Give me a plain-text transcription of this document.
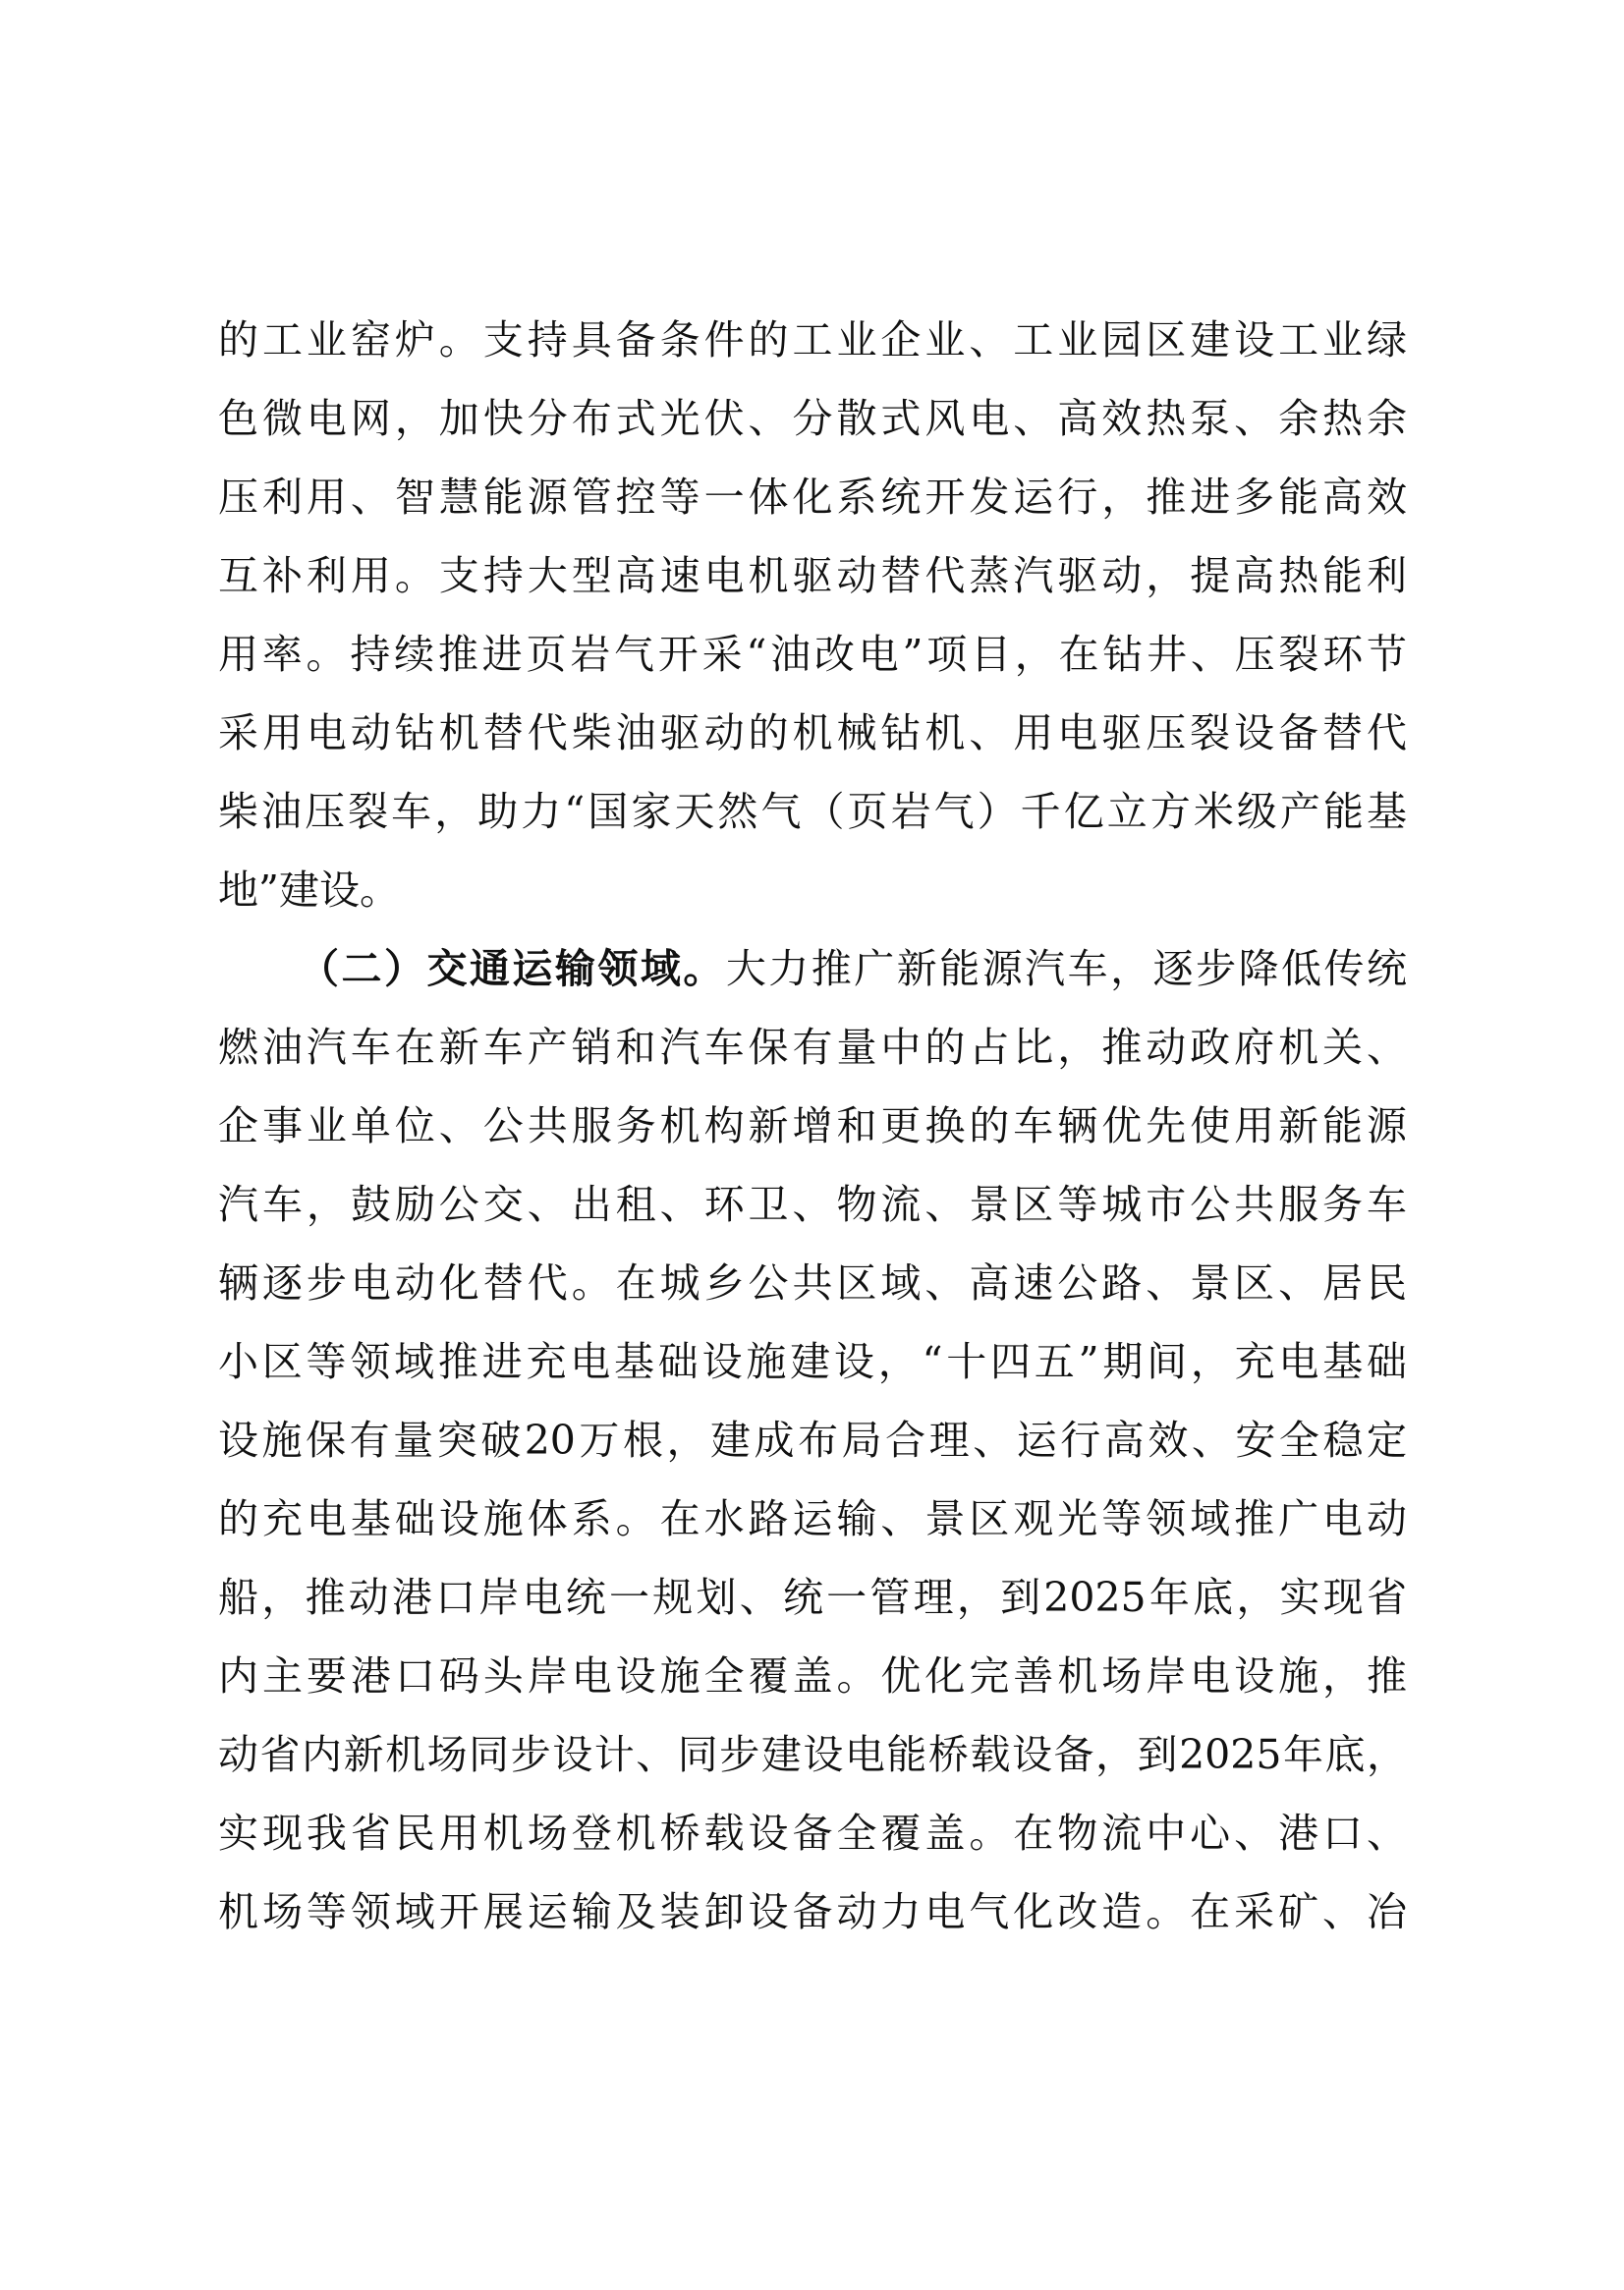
的工业窑炉。支持具备条件的工业企业、工业园区建设工业绿
色微电网，加快分布式光伏、分散式风电、高效热泵、余热余
压利用、智慧能源管控等一体化系统开发运行，推进多能高效
互补利用。支持大型高速电机驱动替代蒸汽驱动，提高热能利
用率。持续推进页岩气开采“油改电”项目，在钻井、压裂环节
采用电动钻机替代柴油驱动的机械钻机、用电驱压裂设备替代
柴油压裂车，助力“国家天然气（页岩气）千亿立方米级产能基
地”建设。
（二）交通运输领域。大力推广新能源汽车，逐步降低传统
燃油汽车在新车产销和汽车保有量中的占比，推动政府机关、
企事业单位、公共服务机构新增和更换的车辆优先使用新能源
汽车，鼓励公交、出租、环卫、物流、景区等城市公共服务车
辆逐步电动化替代。在城乡公共区域、高速公路、景区、居民
小区等领域推进充电基础设施建设，“十四五”期间，充电基础
设施保有量突破20万根，建成布局合理、运行高效、安全稳定
的充电基础设施体系。在水路运输、景区观光等领域推广电动
船，推动港口岸电统一规划、统一管理，到2025年底，实现省
内主要港口码头岸电设施全覆盖。优化完善机场岸电设施，推
动省内新机场同步设计、同步建设电能桥载设备，到2025年底，
实现我省民用机场登机桥载设备全覆盖。在物流中心、港口、
机场等领域开展运输及装卸设备动力电气化改造。在采矿、冶
